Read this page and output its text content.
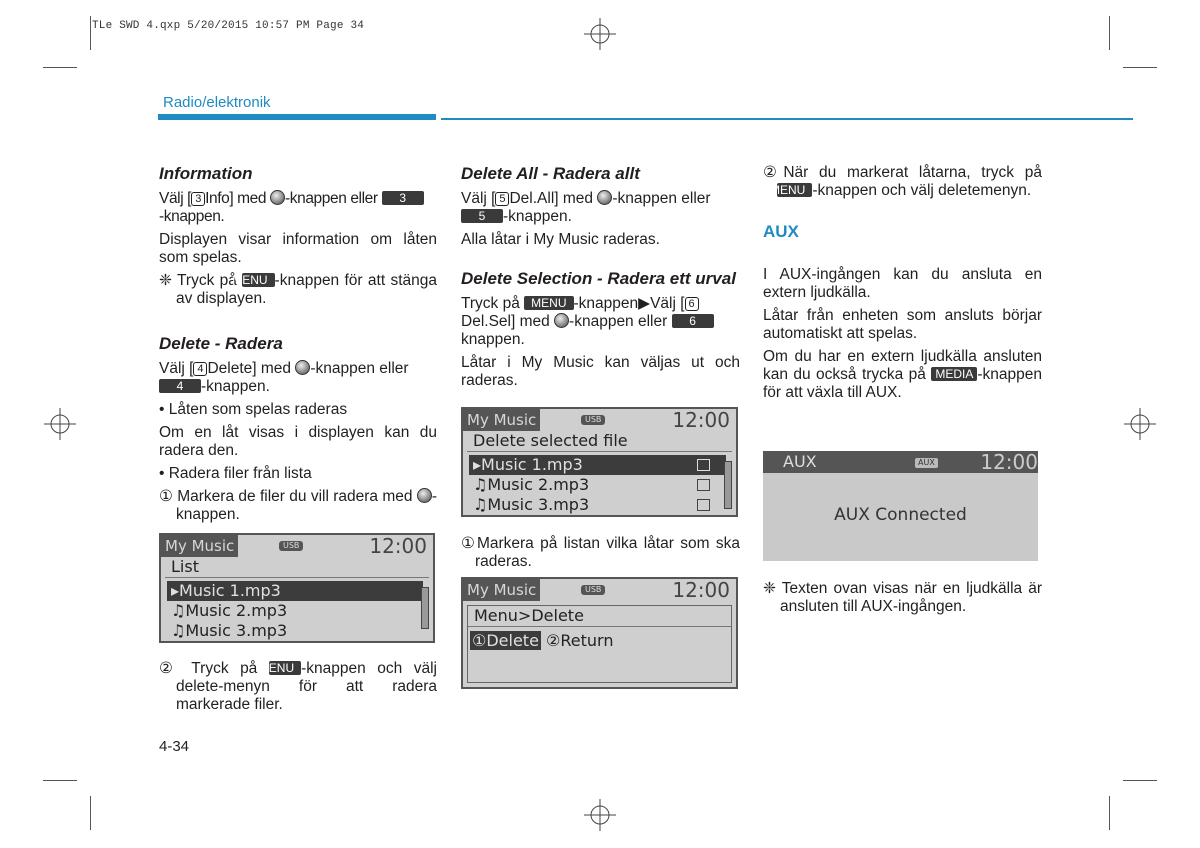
TLe SWD 4.qxp 5/20/2015 10:57 PM Page 34
Radio/elektronik
Information

Välj [ 3 Info] med -knappen eller 3
-knappen.

Displayen visar information om låten som spelas.

❈ Tryck på MENU -knappen för att stänga av displayen.

Delete - Radera

Välj [ 4 Delete] med -knappen eller
4 -knappen.

• Låten som spelas raderas

Om en låt visas i displayen kan du radera den.

• Radera filer från lista

① Markera de filer du vill radera med -knappen.

My Music	USB	12:00
List
▸Music 1.mp3
♫Music 2.mp3
♫Music 3.mp3

② Tryck på MENU -knappen och välj delete-menyn för att radera markerade filer.

Delete All - Radera allt

Välj [ 5 Del.All] med -knappen eller
5 -knappen.

Alla låtar i My Music raderas.

Delete Selection - Radera ett urval

Tryck på MENU -knappen▶Välj [ 6
Del.Sel] med -knappen eller 6
knappen.

Låtar i My Music kan väljas ut och raderas.

My Music	USB	12:00
Delete selected file
▸Music 1.mp3
♫Music 2.mp3
♫Music 3.mp3

①Markera på listan vilka låtar som ska raderas.

My Music	USB	12:00
Menu>Delete
①Delete ②Return

②När du markerat låtarna, tryck på MENU -knappen och välj deletemenyn.

AUX

I AUX-ingången kan du ansluta en extern ljudkälla.

Låtar från enheten som ansluts börjar automatiskt att spelas.

Om du har en extern ljudkälla ansluten kan du också trycka på MEDIA -knappen för att växla till AUX.

AUX	AUX 12:00
AUX Connected

❈ Texten ovan visas när en ljudkälla är ansluten till AUX-ingången.

4-34
